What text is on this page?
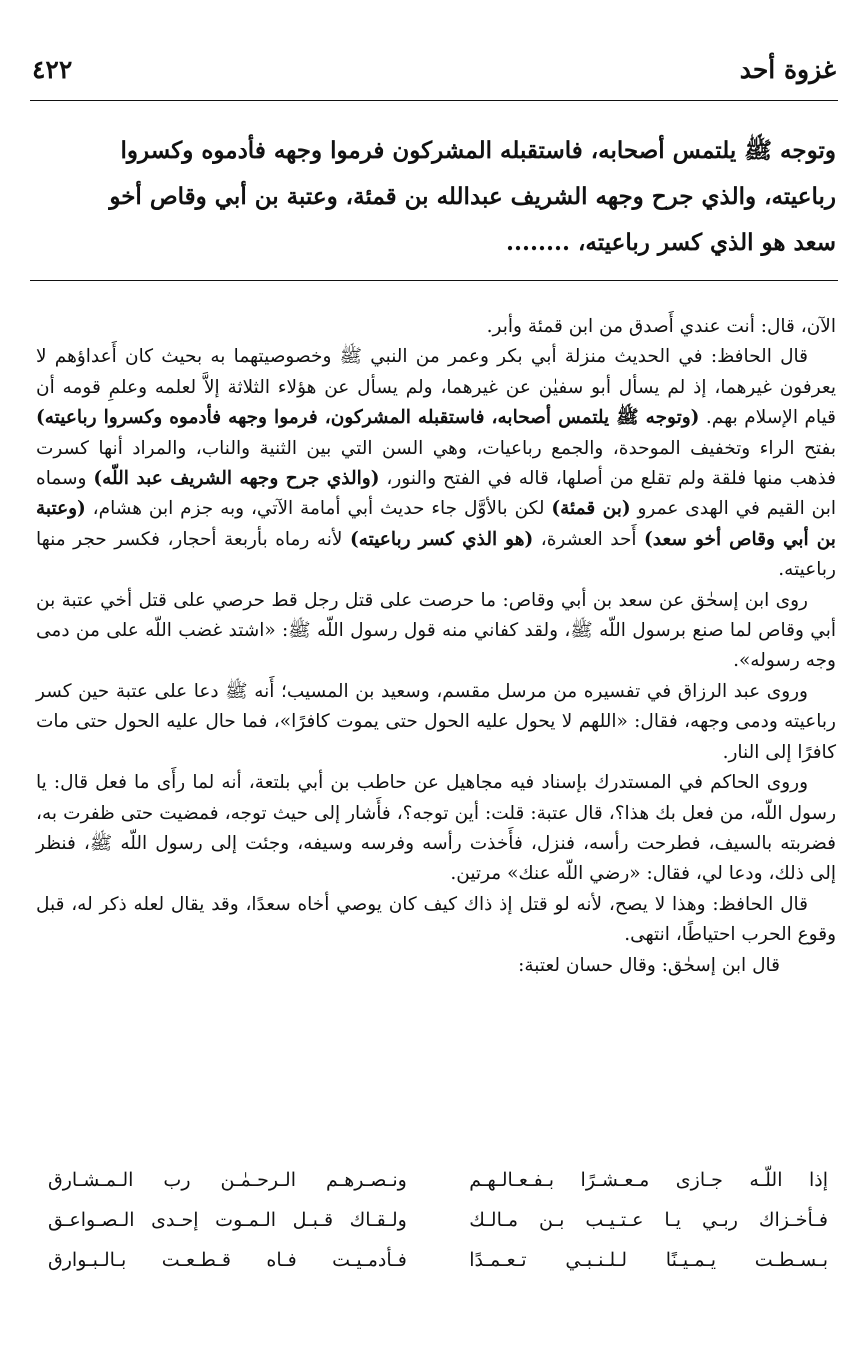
غزوة أحد
٤٢٢
وتوجه ﷺ يلتمس أصحابه، فاستقبله المشركون فرموا وجهه فأدموه وكسروا
رباعيته، والذي جرح وجهه الشريف عبدالله بن قمئة، وعتبة بن أبي وقاص أخو
سعد هو الذي كسر رباعيته، ........

الآن، قال: أنت عندي أَصدق من ابن قمئة وأبر.

قال الحافظ: في الحديث منزلة أبي بكر وعمر من النبي ﷺ وخصوصيتهما به بحيث كان أَعداؤهم لا يعرفون غيرهما، إذ لم يسأل أبو سفيٰن عن غيرهما، ولم يسأل عن هؤلاء الثلاثة إلاَّ لعلمه وعلمِ قومه أن قيام الإسلام بهم. (وتوجه ﷺ يلتمس أصحابه، فاستقبله المشركون، فرموا وجهه فأدموه وكسروا رباعيته) بفتح الراء وتخفيف الموحدة، والجمع رباعيات، وهي السن التي بين الثنية والناب، والمراد أنها كسرت فذهب منها فلقة ولم تقلع من أصلها، قاله في الفتح والنور، (والذي جرح وجهه الشريف عبد اللّه) وسماه ابن القيم في الهدى عمرو (بن قمئة) لكن بالأوَّل جاء حديث أبي أمامة الآتي، وبه جزم ابن هشام، (وعتبة بن أبي وقاص أخو سعد) أَحد العشرة، (هو الذي كسر رباعيته) لأنه رماه بأربعة أحجار، فكسر حجر منها رباعيته.

روى ابن إسحٰق عن سعد بن أبي وقاص: ما حرصت على قتل رجل قط حرصي على قتل أخي عتبة بن أبي وقاص لما صنع برسول اللّه ﷺ، ولقد كفاني منه قول رسول اللّه ﷺ: «اشتد غضب اللّه على من دمى وجه رسوله».

وروى عبد الرزاق في تفسيره من مرسل مقسم، وسعيد بن المسيب؛ أَنه ﷺ دعا على عتبة حين كسر رباعيته ودمى وجهه، فقال: «اللهم لا يحول عليه الحول حتى يموت كافرًا»، فما حال عليه الحول حتى مات كافرًا إلى النار.

وروى الحاكم في المستدرك بإسناد فيه مجاهيل عن حاطب بن أبي بلتعة، أنه لما رأَى ما فعل قال: يا رسول اللّه، من فعل بك هذا؟، قال عتبة: قلت: أين توجه؟، فأَشار إلى حيث توجه، فمضيت حتى ظفرت به، فضربته بالسيف، فطرحت رأسه، فنزل، فأَخذت رأسه وفرسه وسيفه، وجئت إلى رسول اللّه ﷺ، فنظر إلى ذلك، ودعا لي، فقال: «رضي اللّه عنك» مرتين.

قال الحافظ: وهذا لا يصح، لأنه لو قتل إذ ذاك كيف كان يوصي أخاه سعدًا، وقد يقال لعله ذكر له، قبل وقوع الحرب احتياطًا، انتهى.

قال ابن إسحٰق: وقال حسان لعتبة:

إذا اللّـه جـازى مـعـشـرًا بـفـعـالـهـم
ونـصـرهـم الـرحـمٰـن رب الـمـشـارق
فـأخـزاك ربـي يـا عـتـيـب بـن مـالـك
ولـقـاك قـبـل الـمـوت إحـدى الـصـواعـق
بـسـطـت يـمـيـنًا لـلـنـبـي تـعـمـدًا
فـأدمـيـت فـاه قـطـعـت بـالـبـوارق
